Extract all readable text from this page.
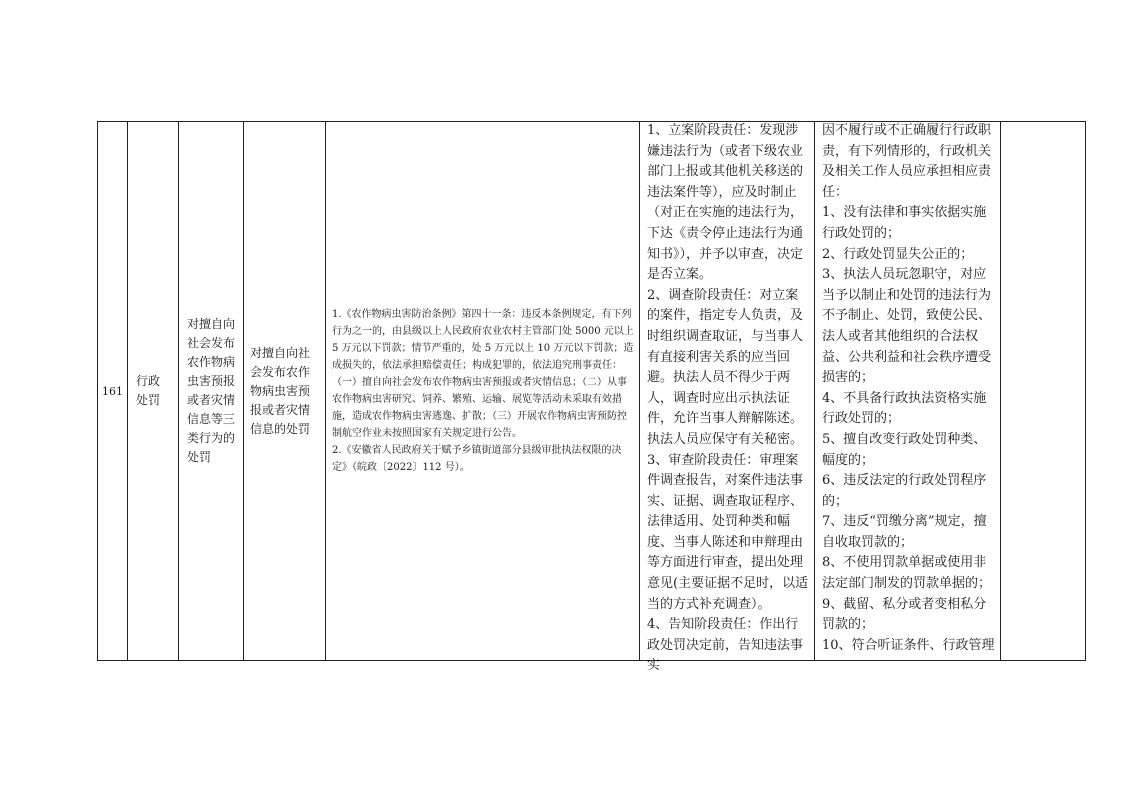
161
行政处罚
对擅自向社会发布农作物病虫害预报或者灾情信息等三类行为的处罚
对擅自向社会发布农作物病虫害预报或者灾情信息的处罚

1.《农作物病虫害防治条例》第四十一条：违反本条例规定，有下列行为之一的，由县级以上人民政府农业农村主管部门处 5000 元以上 5 万元以下罚款；情节严重的，处 5 万元以上 10 万元以下罚款；造成损失的，依法承担赔偿责任；构成犯罪的，依法追究刑事责任：（一）擅自向社会发布农作物病虫害预报或者灾情信息；（二）从事农作物病虫害研究、饲养、繁殖、运输、展览等活动未采取有效措施，造成农作物病虫害逃逸、扩散；（三）开展农作物病虫害预防控制航空作业未按照国家有关规定进行公告。

2.《安徽省人民政府关于赋予乡镇街道部分县级审批执法权限的决定》（皖政〔2022〕112 号）。

1、立案阶段责任：发现涉嫌违法行为（或者下级农业部门上报或其他机关移送的违法案件等），应及时制止（对正在实施的违法行为，下达《责令停止违法行为通知书》），并予以审查，决定是否立案。

2、调查阶段责任：对立案的案件，指定专人负责，及时组织调查取证，与当事人有直接利害关系的应当回避。执法人员不得少于两人，调查时应出示执法证件，允许当事人辩解陈述。执法人员应保守有关秘密。

3、审查阶段责任：审理案件调查报告，对案件违法事实、证据、调查取证程序、法律适用、处罚种类和幅度、当事人陈述和申辩理由等方面进行审查，提出处理意见(主要证据不足时，以适当的方式补充调查）。

4、告知阶段责任：作出行政处罚决定前，告知违法事实

因不履行或不正确履行行政职责，有下列情形的，行政机关及相关工作人员应承担相应责任：

1、没有法律和事实依据实施行政处罚的；

2、行政处罚显失公正的；

3、执法人员玩忽职守，对应当予以制止和处罚的违法行为不予制止、处罚，致使公民、法人或者其他组织的合法权益、公共利益和社会秩序遭受损害的；

4、不具备行政执法资格实施行政处罚的；

5、擅自改变行政处罚种类、幅度的；

6、违反法定的行政处罚程序的；

7、违反“罚缴分离”规定，擅自收取罚款的；

8、不使用罚款单据或使用非法定部门制发的罚款单据的；

9、截留、私分或者变相私分罚款的；

10、符合听证条件、行政管理
